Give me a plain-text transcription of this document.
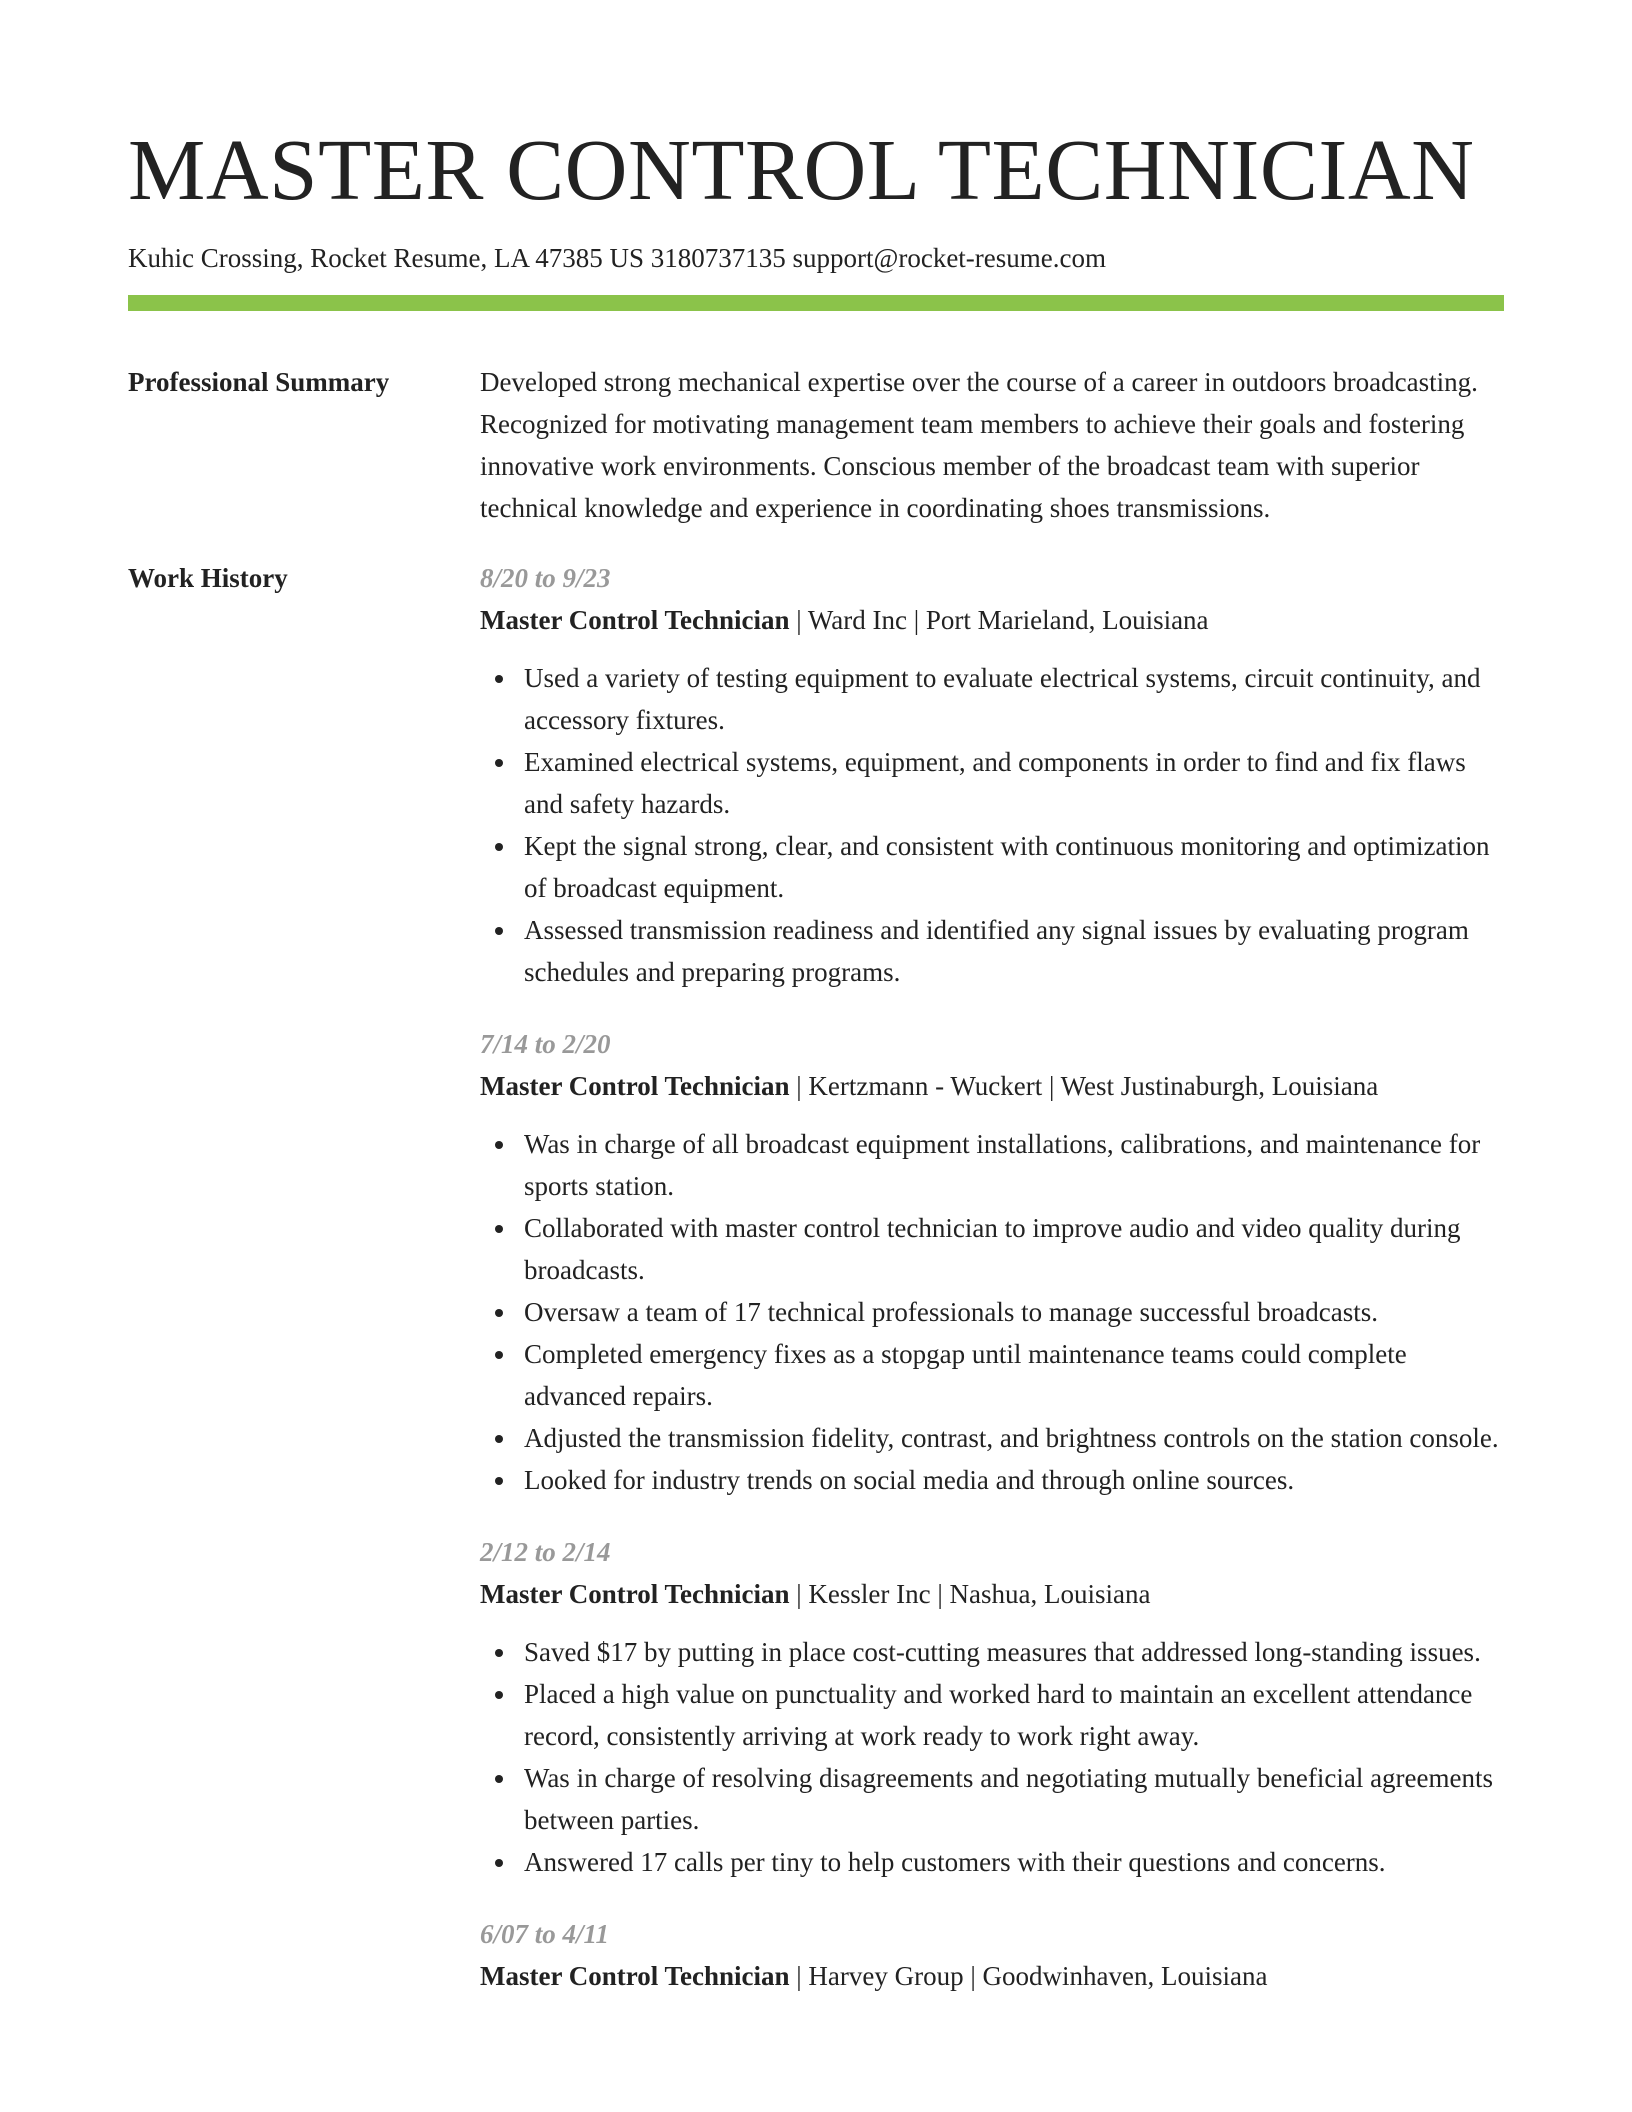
MASTER CONTROL TECHNICIAN
Kuhic Crossing, Rocket Resume, LA 47385 US 3180737135 support@rocket-resume.com
Professional Summary	Developed strong mechanical expertise over the course of a career in outdoors broadcasting. Recognized for motivating management team members to achieve their goals and fostering innovative work environments. Conscious member of the broadcast team with superior technical knowledge and experience in coordinating shoes transmissions.

Work History	8/20 to 9/23
Master Control Technician | Ward Inc | Port Marieland, Louisiana
Used a variety of testing equipment to evaluate electrical systems, circuit continuity, and accessory fixtures.
Examined electrical systems, equipment, and components in order to find and fix flaws and safety hazards.
Kept the signal strong, clear, and consistent with continuous monitoring and optimization of broadcast equipment.
Assessed transmission readiness and identified any signal issues by evaluating program schedules and preparing programs.
7/14 to 2/20
Master Control Technician | Kertzmann - Wuckert | West Justinaburgh, Louisiana
Was in charge of all broadcast equipment installations, calibrations, and maintenance for sports station.
Collaborated with master control technician to improve audio and video quality during broadcasts.
Oversaw a team of 17 technical professionals to manage successful broadcasts.
Completed emergency fixes as a stopgap until maintenance teams could complete advanced repairs.
Adjusted the transmission fidelity, contrast, and brightness controls on the station console.
Looked for industry trends on social media and through online sources.
2/12 to 2/14
Master Control Technician | Kessler Inc | Nashua, Louisiana
Saved $17 by putting in place cost-cutting measures that addressed long-standing issues.
Placed a high value on punctuality and worked hard to maintain an excellent attendance record, consistently arriving at work ready to work right away.
Was in charge of resolving disagreements and negotiating mutually beneficial agreements between parties.
Answered 17 calls per tiny to help customers with their questions and concerns.
6/07 to 4/11
Master Control Technician | Harvey Group | Goodwinhaven, Louisiana
